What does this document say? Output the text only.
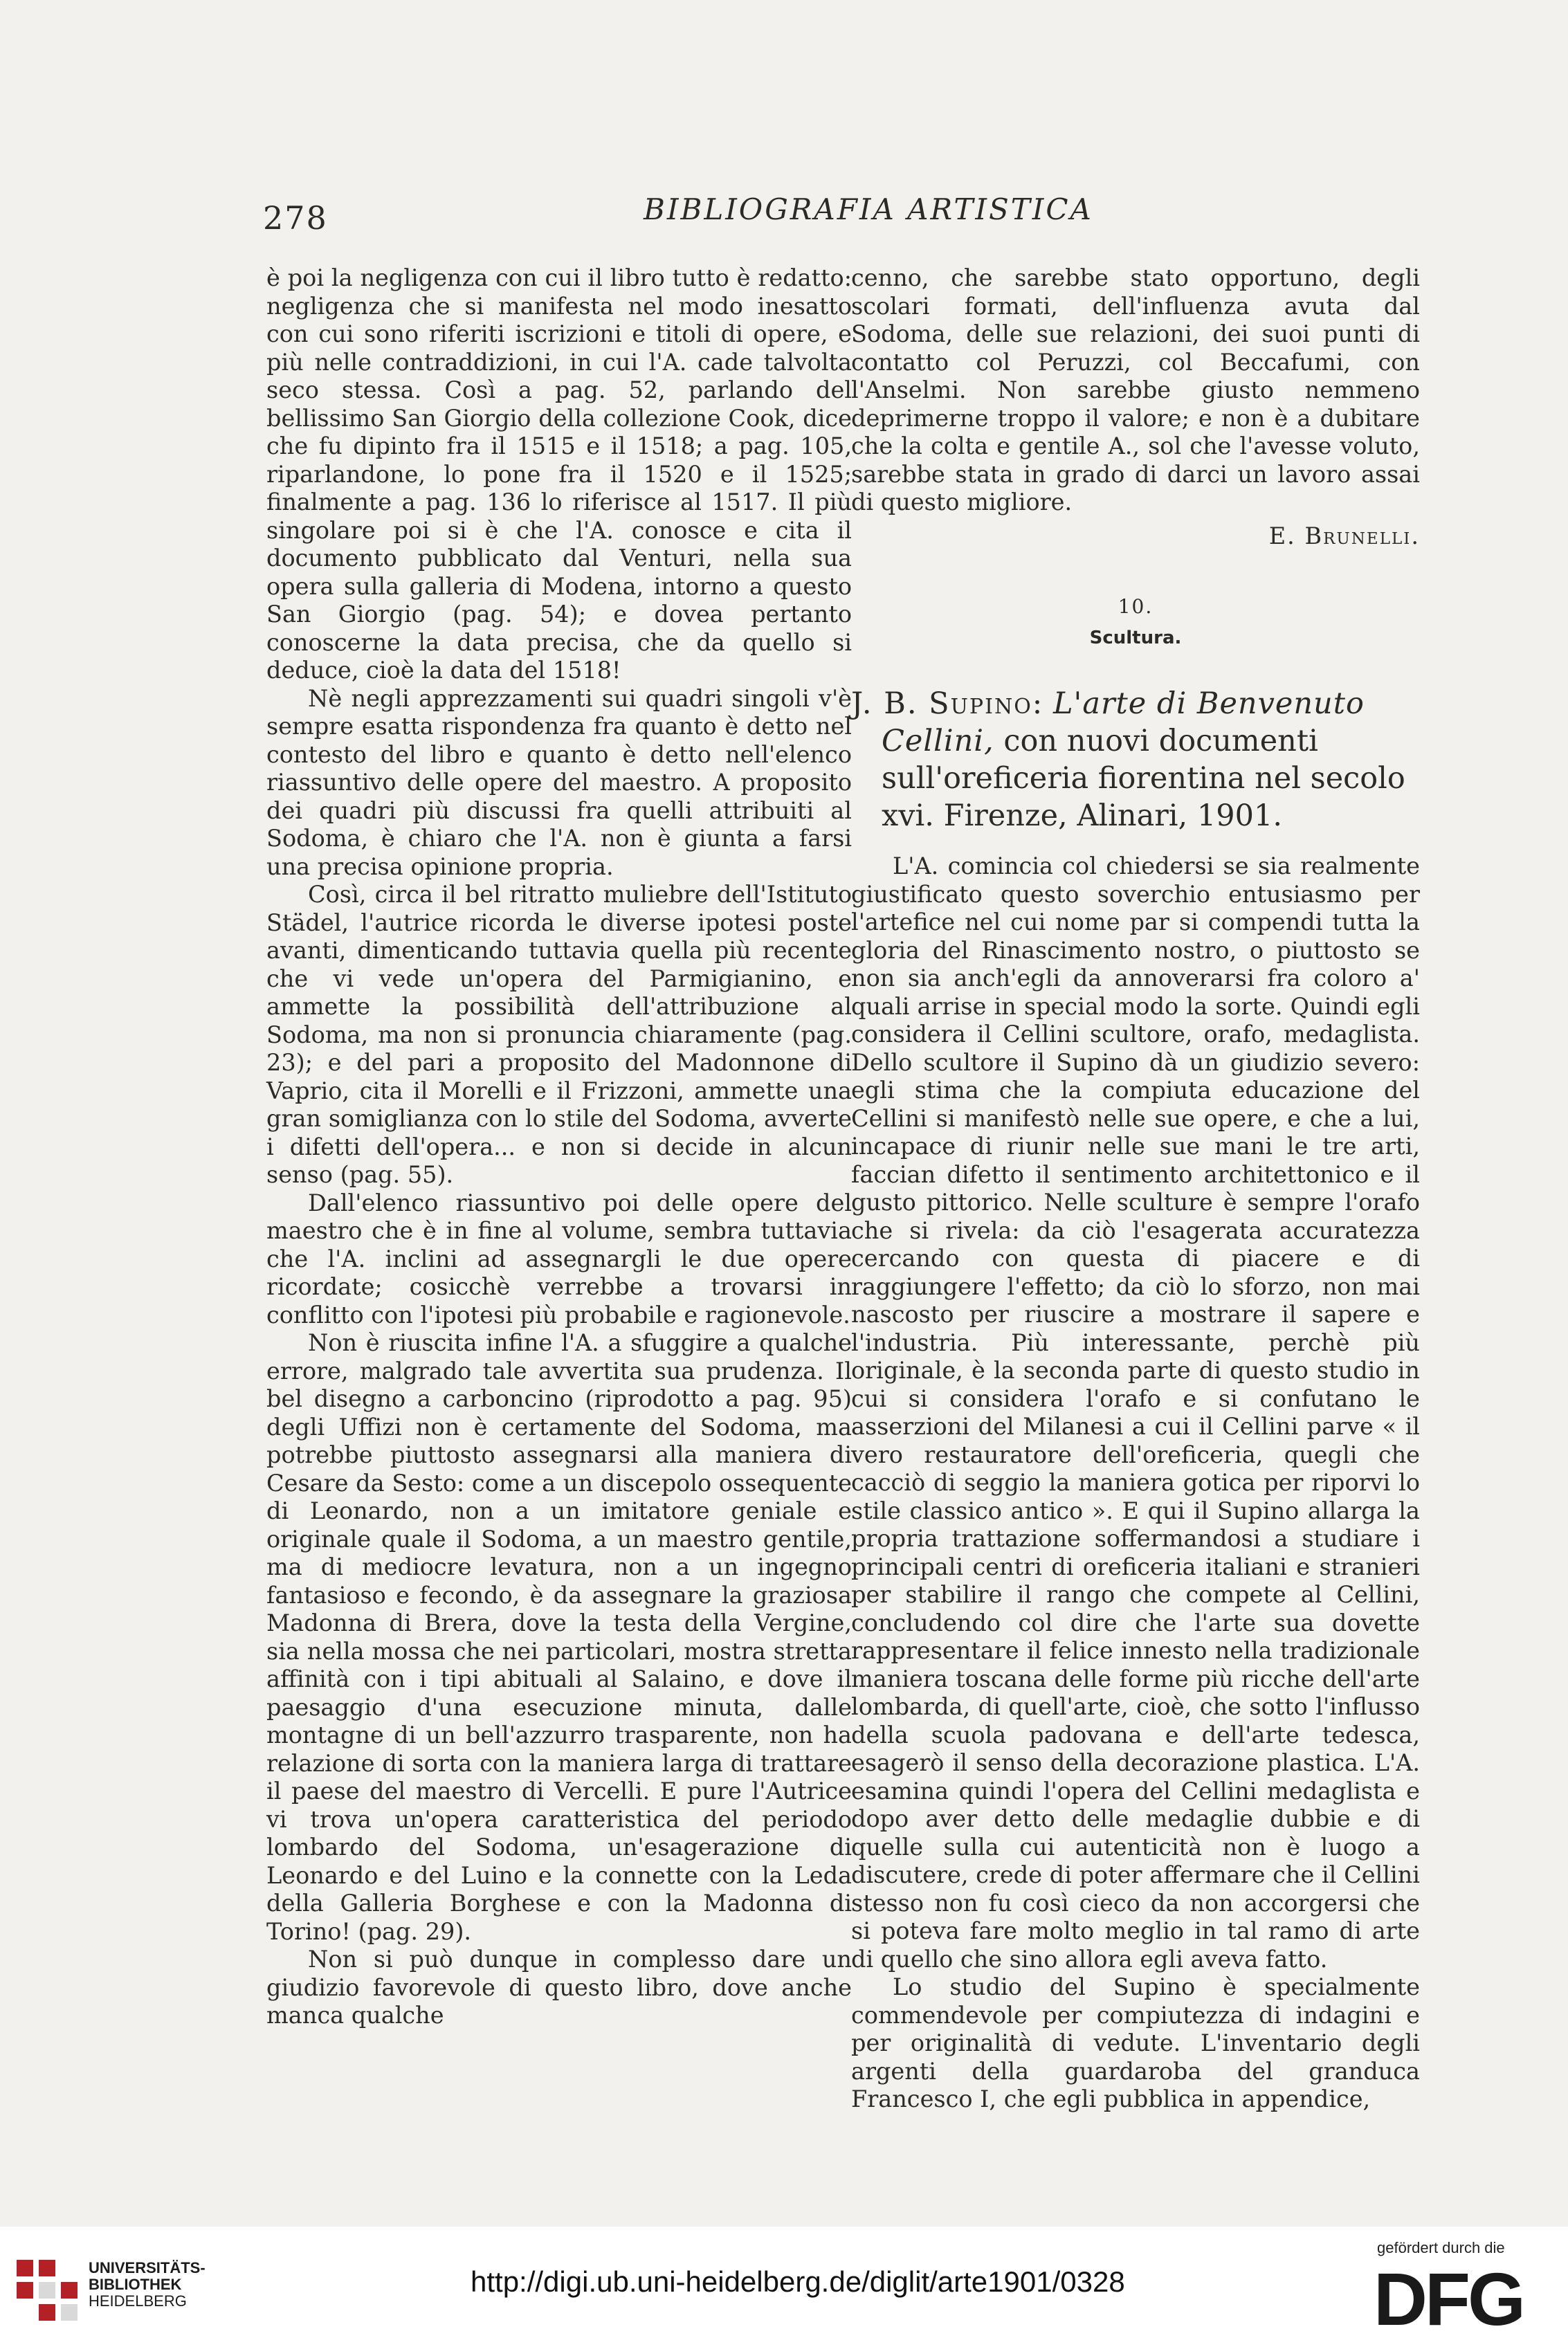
278	BIBLIOGRAFIA ARTISTICA

è poi la negligenza con cui il libro tutto è redatto: negligenza che si manifesta nel modo inesatto con cui sono riferiti iscrizioni e titoli di opere, e più nelle contraddizioni, in cui l'A. cade talvolta seco stessa. Così a pag. 52, parlando del bellissimo San Giorgio della collezione Cook, dice che fu dipinto fra il 1515 e il 1518; a pag. 105, riparlandone, lo pone fra il 1520 e il 1525; finalmente a pag. 136 lo riferisce al 1517. Il più singolare poi si è che l'A. conosce e cita il documento pubblicato dal Venturi, nella sua opera sulla galleria di Modena, intorno a questo San Giorgio (pag. 54); e dovea pertanto conoscerne la data precisa, che da quello si deduce, cioè la data del 1518!

Nè negli apprezzamenti sui quadri singoli v'è sempre esatta rispondenza fra quanto è detto nel contesto del libro e quanto è detto nell'elenco riassuntivo delle opere del maestro. A proposito dei quadri più discussi fra quelli attribuiti al Sodoma, è chiaro che l'A. non è giunta a farsi una precisa opinione propria.

Così, circa il bel ritratto muliebre dell'Istituto Städel, l'autrice ricorda le diverse ipotesi poste avanti, dimenticando tuttavia quella più recente che vi vede un'opera del Parmigianino, e ammette la possibilità dell'attribuzione al Sodoma, ma non si pronuncia chiaramente (pag. 23); e del pari a proposito del Madonnone di Vaprio, cita il Morelli e il Frizzoni, ammette una gran somiglianza con lo stile del Sodoma, avverte i difetti dell'opera... e non si decide in alcun senso (pag. 55).

Dall'elenco riassuntivo poi delle opere del maestro che è in fine al volume, sembra tuttavia che l'A. inclini ad assegnargli le due opere ricordate; cosicchè verrebbe a trovarsi in conflitto con l'ipotesi più probabile e ragionevole.

Non è riuscita infine l'A. a sfuggire a qualche errore, malgrado tale avvertita sua prudenza. Il bel disegno a carboncino (riprodotto a pag. 95) degli Uffizi non è certamente del Sodoma, ma potrebbe piuttosto assegnarsi alla maniera di Cesare da Sesto: come a un discepolo ossequente di Leonardo, non a un imitatore geniale e originale quale il Sodoma, a un maestro gentile, ma di mediocre levatura, non a un ingegno fantasioso e fecondo, è da assegnare la graziosa Madonna di Brera, dove la testa della Vergine, sia nella mossa che nei particolari, mostra stretta affinità con i tipi abituali al Salaino, e dove il paesaggio d'una esecuzione minuta, dalle montagne di un bell'azzurro trasparente, non ha relazione di sorta con la maniera larga di trattare il paese del maestro di Vercelli. E pure l'Autrice vi trova un'opera caratteristica del periodo lombardo del Sodoma, un'esagerazione di Leonardo e del Luino e la connette con la Leda della Galleria Borghese e con la Madonna di Torino! (pag. 29).

Non si può dunque in complesso dare un giudizio favorevole di questo libro, dove anche manca qualche

cenno, che sarebbe stato opportuno, degli scolari formati, dell'influenza avuta dal Sodoma, delle sue relazioni, dei suoi punti di contatto col Peruzzi, col Beccafumi, con l'Anselmi. Non sarebbe giusto nemmeno deprimerne troppo il valore; e non è a dubitare che la colta e gentile A., sol che l'avesse voluto, sarebbe stata in grado di darci un lavoro assai di questo migliore.

E. Brunelli.

10.

Scultura.

J. B. Supino: L'arte di Benvenuto Cellini, con nuovi documenti sull'oreficeria fiorentina nel secolo xvi. Firenze, Alinari, 1901.

L'A. comincia col chiedersi se sia realmente giustificato questo soverchio entusiasmo per l'artefice nel cui nome par si compendi tutta la gloria del Rinascimento nostro, o piuttosto se non sia anch'egli da annoverarsi fra coloro a' quali arrise in special modo la sorte. Quindi egli considera il Cellini scultore, orafo, medaglista. Dello scultore il Supino dà un giudizio severo: egli stima che la compiuta educazione del Cellini si manifestò nelle sue opere, e che a lui, incapace di riunir nelle sue mani le tre arti, faccian difetto il sentimento architettonico e il gusto pittorico. Nelle sculture è sempre l'orafo che si rivela: da ciò l'esagerata accuratezza cercando con questa di piacere e di raggiungere l'effetto; da ciò lo sforzo, non mai nascosto per riuscire a mostrare il sapere e l'industria. Più interessante, perchè più originale, è la seconda parte di questo studio in cui si considera l'orafo e si confutano le asserzioni del Milanesi a cui il Cellini parve « il vero restauratore dell'oreficeria, quegli che cacciò di seggio la maniera gotica per riporvi lo stile classico antico ». E qui il Supino allarga la propria trattazione soffermandosi a studiare i principali centri di oreficeria italiani e stranieri per stabilire il rango che compete al Cellini, concludendo col dire che l'arte sua dovette rappresentare il felice innesto nella tradizionale maniera toscana delle forme più ricche dell'arte lombarda, di quell'arte, cioè, che sotto l'influsso della scuola padovana e dell'arte tedesca, esagerò il senso della decorazione plastica. L'A. esamina quindi l'opera del Cellini medaglista e dopo aver detto delle medaglie dubbie e di quelle sulla cui autenticità non è luogo a discutere, crede di poter affermare che il Cellini stesso non fu così cieco da non accorgersi che si poteva fare molto meglio in tal ramo di arte di quello che sino allora egli aveva fatto.

Lo studio del Supino è specialmente commendevole per compiutezza di indagini e per originalità di vedute. L'inventario degli argenti della guardaroba del granduca Francesco I, che egli pubblica in appendice,

UNIVERSITÄTS-
BIBLIOTHEK
HEIDELBERG
http://digi.ub.uni-heidelberg.de/diglit/arte1901/0328
gefördert durch die
DFG
